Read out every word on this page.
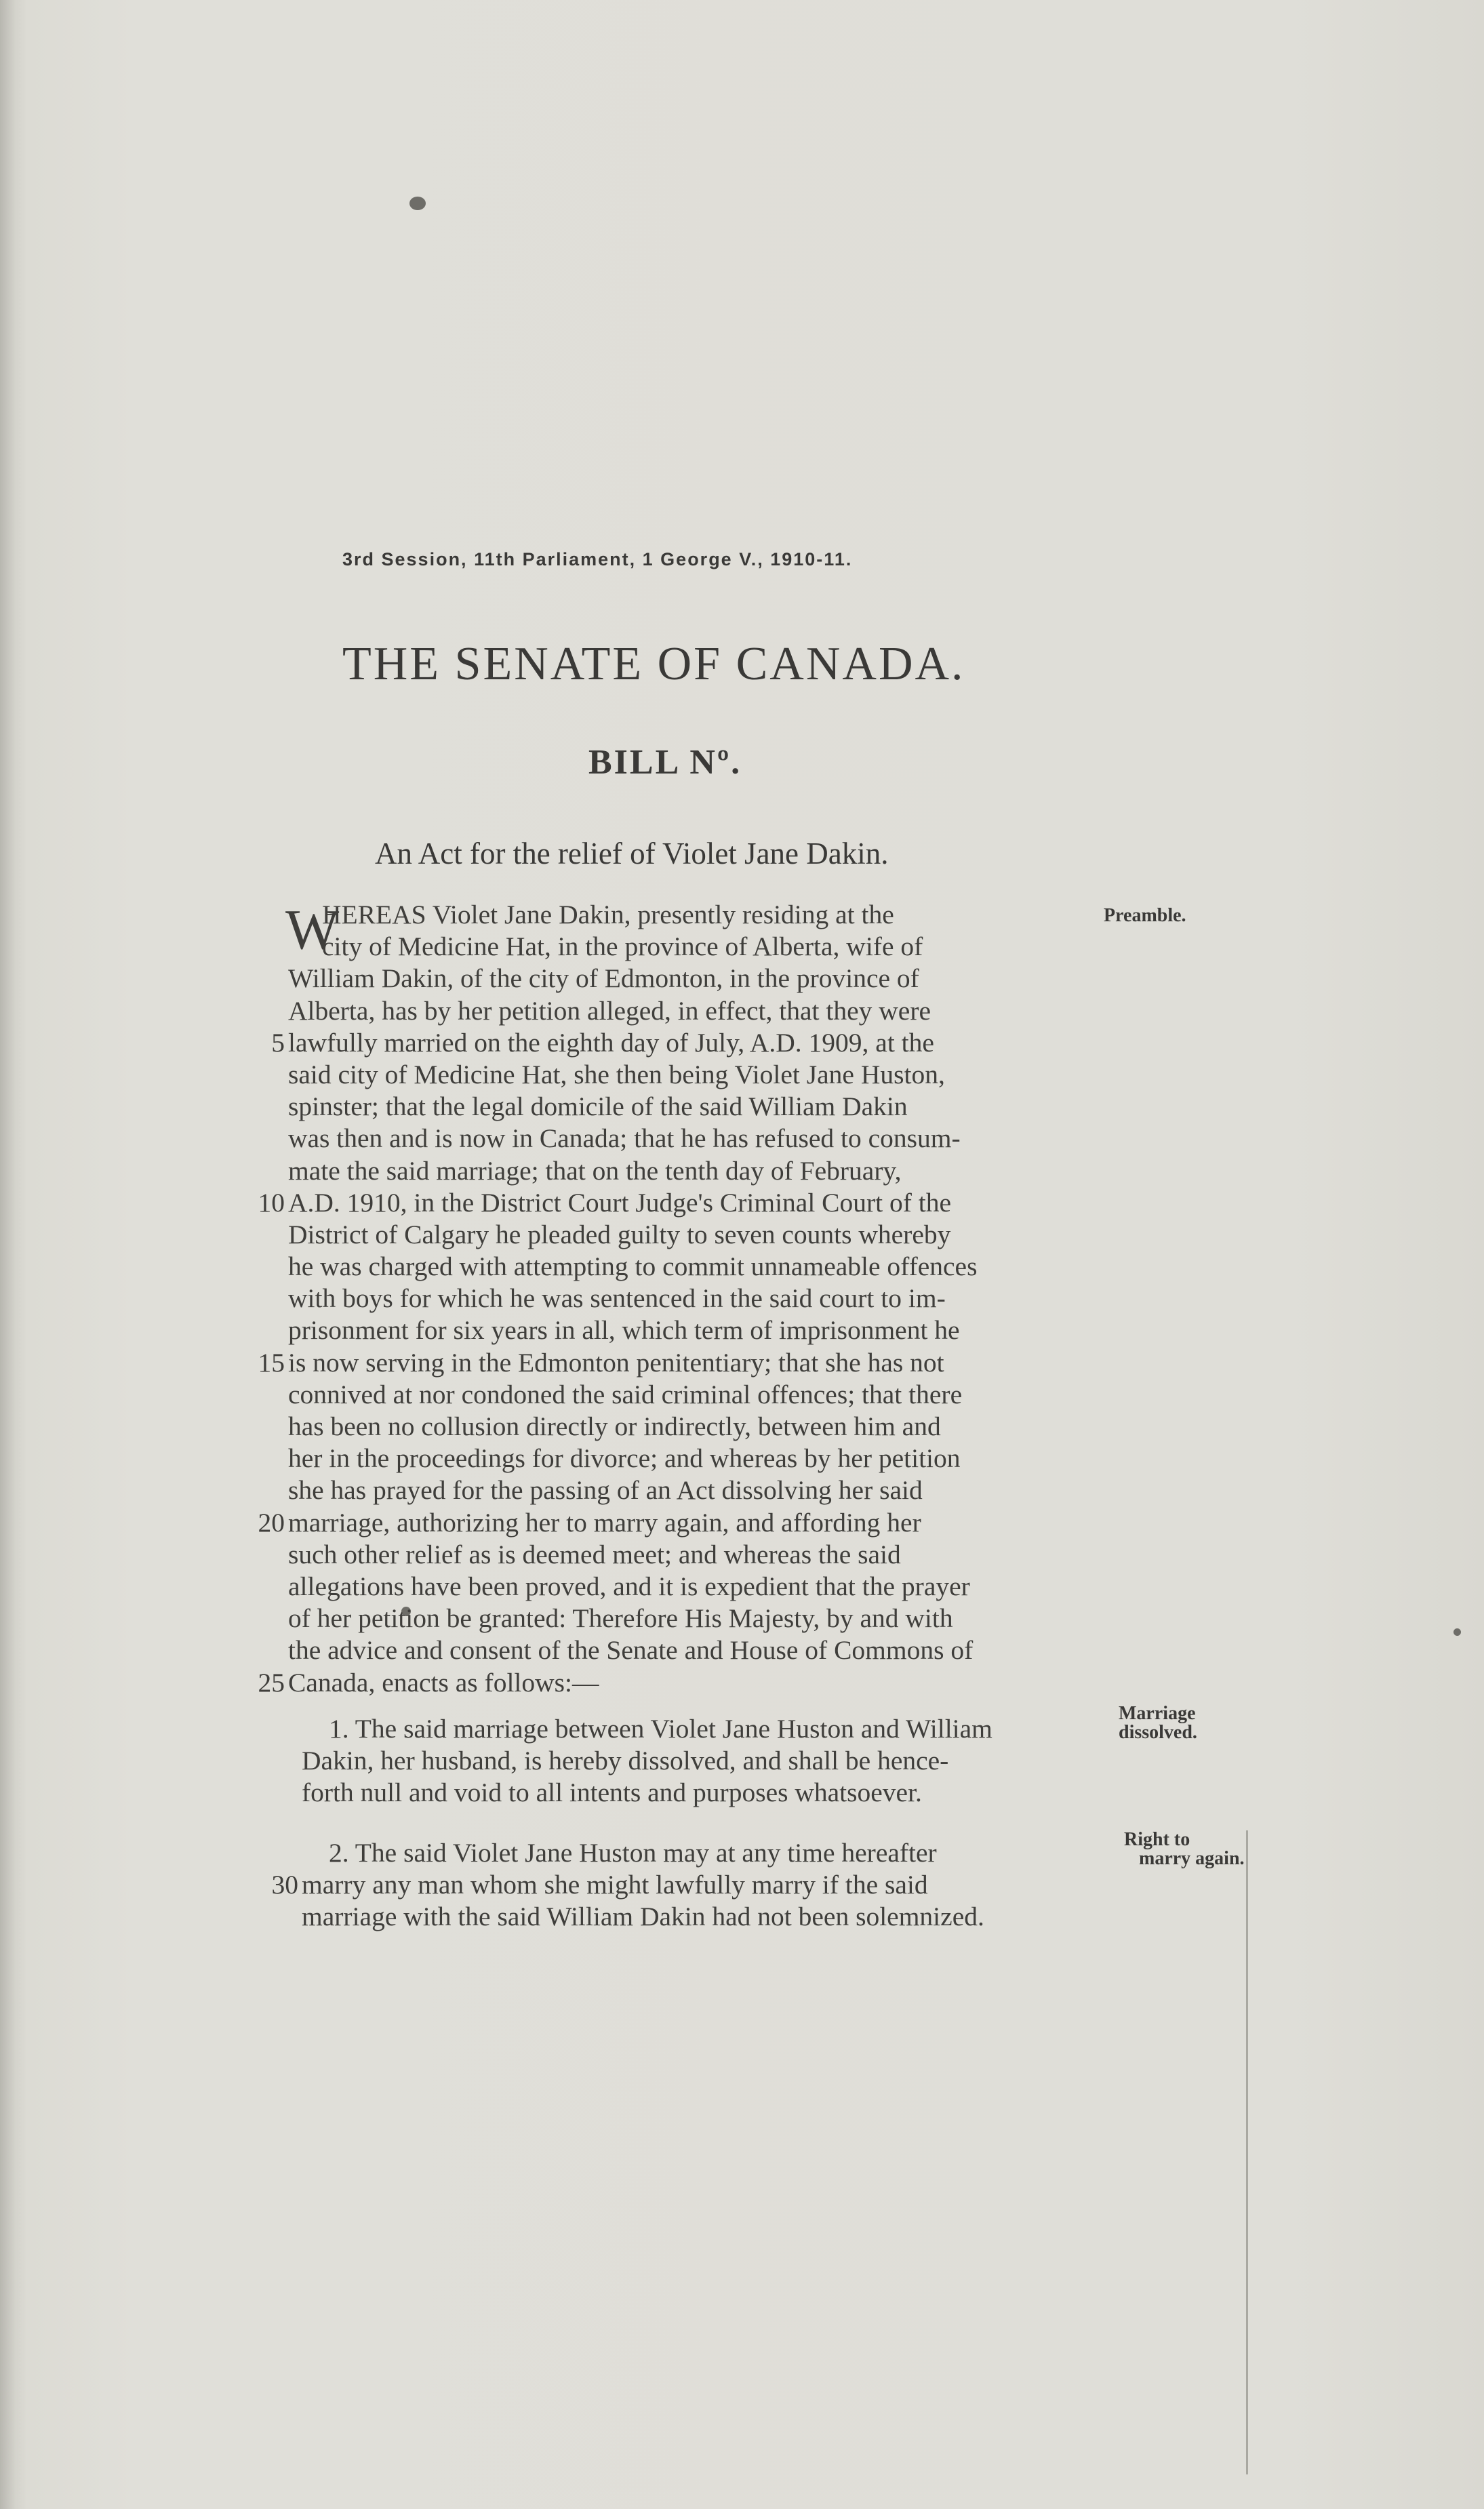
3rd Session, 11th Parliament, 1 George V., 1910-11.
THE SENATE OF CANADA.
BILL Nº.
An Act for the relief of Violet Jane Dakin.
W
HEREAS Violet Jane Dakin, presently residing at the
city of Medicine Hat, in the province of Alberta, wife of
William Dakin, of the city of Edmonton, in the province of
Alberta, has by her petition alleged, in effect, that they were
5 lawfully married on the eighth day of July, A.D. 1909, at the
said city of Medicine Hat, she then being Violet Jane Huston,
spinster; that the legal domicile of the said William Dakin
was then and is now in Canada; that he has refused to consum-
mate the said marriage; that on the tenth day of February,
10 A.D. 1910, in the District Court Judge's Criminal Court of the
District of Calgary he pleaded guilty to seven counts whereby
he was charged with attempting to commit unnameable offences
with boys for which he was sentenced in the said court to im-
prisonment for six years in all, which term of imprisonment he
15 is now serving in the Edmonton penitentiary; that she has not
connived at nor condoned the said criminal offences; that there
has been no collusion directly or indirectly, between him and
her in the proceedings for divorce; and whereas by her petition
she has prayed for the passing of an Act dissolving her said
20 marriage, authorizing her to marry again, and affording her
such other relief as is deemed meet; and whereas the said
allegations have been proved, and it is expedient that the prayer
of her petition be granted: Therefore His Majesty, by and with
the advice and consent of the Senate and House of Commons of
25 Canada, enacts as follows:—
Preamble.
1. The said marriage between Violet Jane Huston and William
Dakin, her husband, is hereby dissolved, and shall be hence-
forth null and void to all intents and purposes whatsoever.
Marriage
dissolved.
2. The said Violet Jane Huston may at any time hereafter
30 marry any man whom she might lawfully marry if the said
marriage with the said William Dakin had not been solemnized.
Right to
marry again.
